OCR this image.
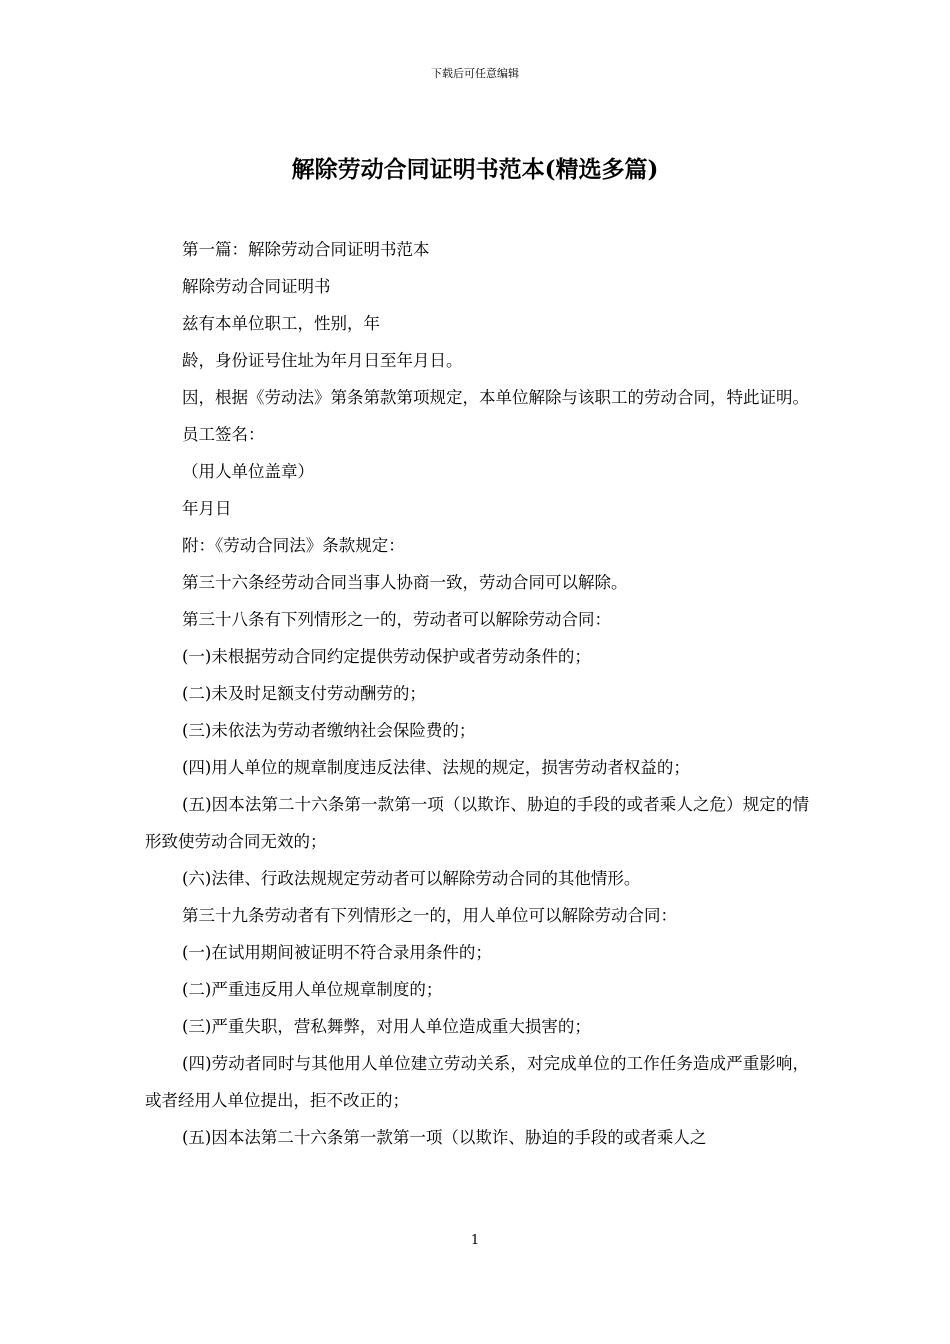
下载后可任意编辑
解除劳动合同证明书范本(精选多篇)

第一篇：解除劳动合同证明书范本

解除劳动合同证明书

兹有本单位职工，性别，年

龄，身份证号住址为年月日至年月日。

因，根据《劳动法》第条第款第项规定，本单位解除与该职工的劳动合同，特此证明。

员工签名：

（用人单位盖章）

年月日

附：《劳动合同法》条款规定：

第三十六条经劳动合同当事人协商一致，劳动合同可以解除。

第三十八条有下列情形之一的，劳动者可以解除劳动合同：

(一)未根据劳动合同约定提供劳动保护或者劳动条件的；

(二)未及时足额支付劳动酬劳的；

(三)未依法为劳动者缴纳社会保险费的；

(四)用人单位的规章制度违反法律、法规的规定，损害劳动者权益的；

(五)因本法第二十六条第一款第一项（以欺诈、胁迫的手段的或者乘人之危）规定的情形致使劳动合同无效的；

(六)法律、行政法规规定劳动者可以解除劳动合同的其他情形。

第三十九条劳动者有下列情形之一的，用人单位可以解除劳动合同：

(一)在试用期间被证明不符合录用条件的；

(二)严重违反用人单位规章制度的；

(三)严重失职，营私舞弊，对用人单位造成重大损害的；

(四)劳动者同时与其他用人单位建立劳动关系，对完成单位的工作任务造成严重影响，或者经用人单位提出，拒不改正的；

(五)因本法第二十六条第一款第一项（以欺诈、胁迫的手段的或者乘人之

1
